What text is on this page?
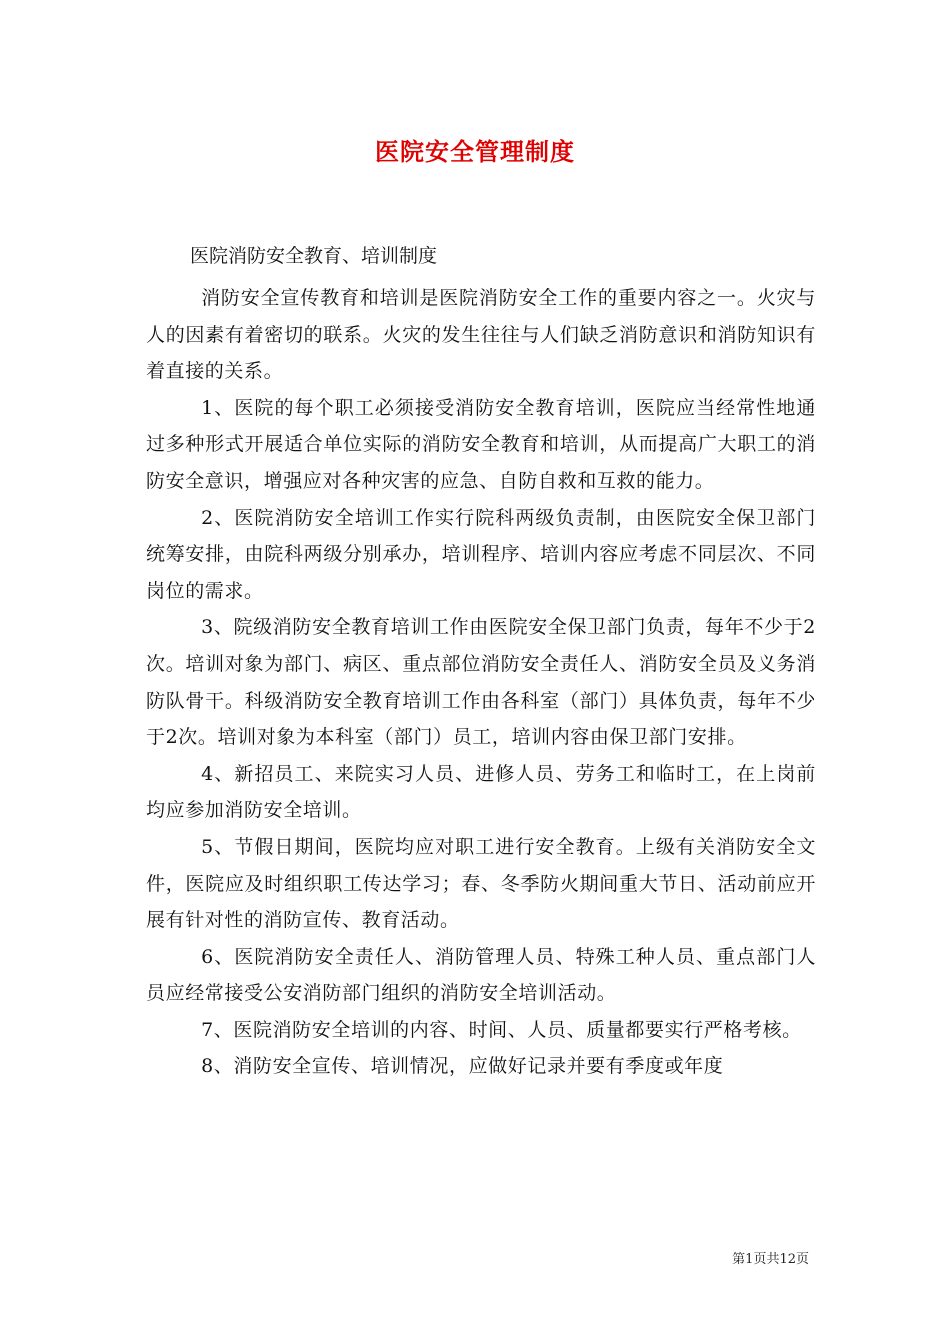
医院安全管理制度
医院消防安全教育、培训制度

消防安全宣传教育和培训是医院消防安全工作的重要内容之一。火灾与人的因素有着密切的联系。火灾的发生往往与人们缺乏消防意识和消防知识有着直接的关系。

1、医院的每个职工必须接受消防安全教育培训，医院应当经常性地通过多种形式开展适合单位实际的消防安全教育和培训，从而提高广大职工的消防安全意识，增强应对各种灾害的应急、自防自救和互救的能力。

2、医院消防安全培训工作实行院科两级负责制，由医院安全保卫部门统筹安排，由院科两级分别承办，培训程序、培训内容应考虑不同层次、不同岗位的需求。

3、院级消防安全教育培训工作由医院安全保卫部门负责，每年不少于2次。培训对象为部门、病区、重点部位消防安全责任人、消防安全员及义务消防队骨干。科级消防安全教育培训工作由各科室（部门）具体负责，每年不少于2次。培训对象为本科室（部门）员工，培训内容由保卫部门安排。

4、新招员工、来院实习人员、进修人员、劳务工和临时工，在上岗前均应参加消防安全培训。

5、节假日期间，医院均应对职工进行安全教育。上级有关消防安全文件，医院应及时组织职工传达学习；春、冬季防火期间重大节日、活动前应开展有针对性的消防宣传、教育活动。

6、医院消防安全责任人、消防管理人员、特殊工种人员、重点部门人员应经常接受公安消防部门组织的消防安全培训活动。

7、医院消防安全培训的内容、时间、人员、质量都要实行严格考核。

8、消防安全宣传、培训情况，应做好记录并要有季度或年度

第1页共12页
